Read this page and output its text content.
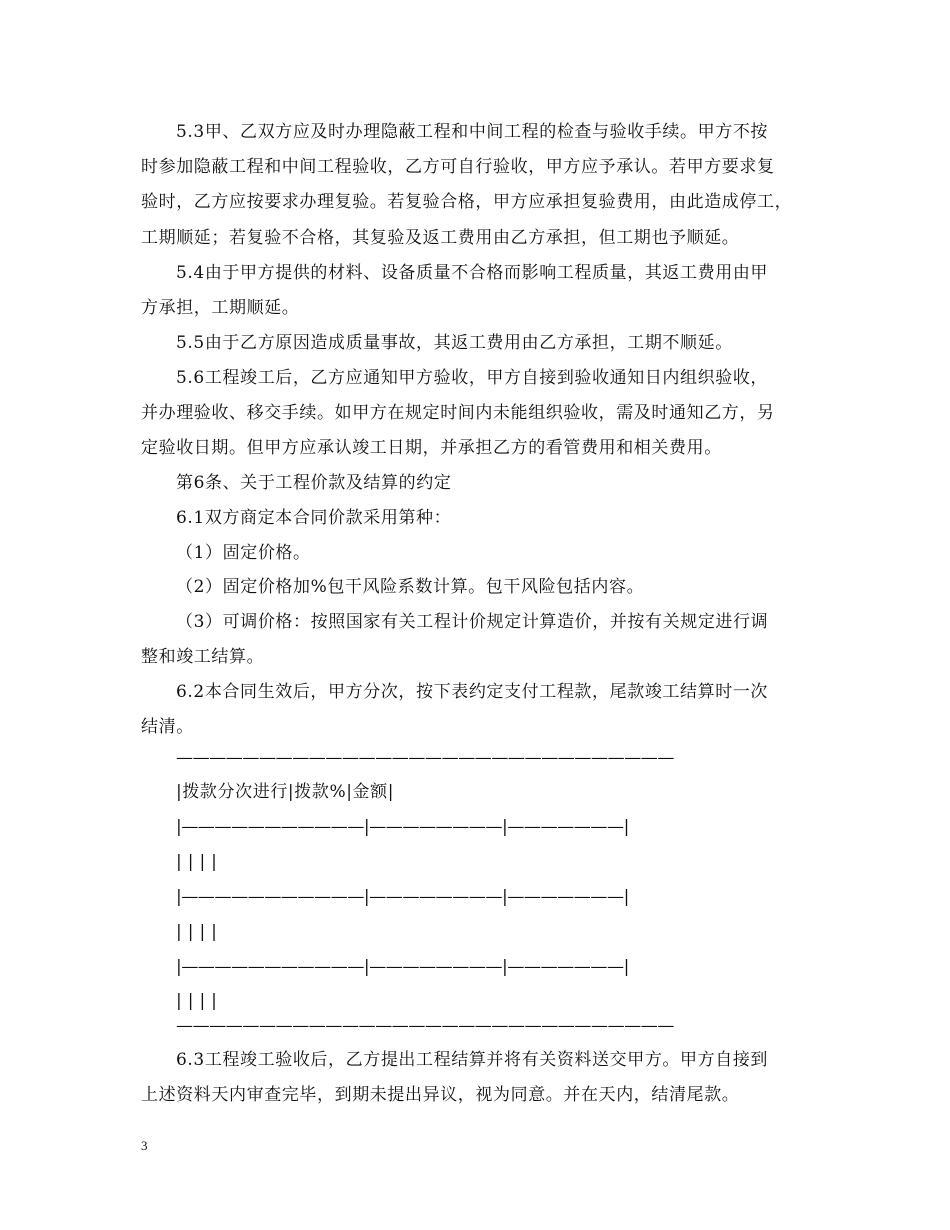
5.3甲、乙双方应及时办理隐蔽工程和中间工程的检查与验收手续。甲方不按
时参加隐蔽工程和中间工程验收，乙方可自行验收，甲方应予承认。若甲方要求复
验时，乙方应按要求办理复验。若复验合格，甲方应承担复验费用，由此造成停工，
工期顺延；若复验不合格，其复验及返工费用由乙方承担，但工期也予顺延。
5.4由于甲方提供的材料、设备质量不合格而影响工程质量，其返工费用由甲
方承担，工期顺延。
5.5由于乙方原因造成质量事故，其返工费用由乙方承担，工期不顺延。
5.6工程竣工后，乙方应通知甲方验收，甲方自接到验收通知日内组织验收，
并办理验收、移交手续。如甲方在规定时间内未能组织验收，需及时通知乙方，另
定验收日期。但甲方应承认竣工日期，并承担乙方的看管费用和相关费用。
第6条、关于工程价款及结算的约定
6.1双方商定本合同价款采用第种：
（1）固定价格。
（2）固定价格加%包干风险系数计算。包干风险包括内容。
（3）可调价格：按照国家有关工程计价规定计算造价，并按有关规定进行调
整和竣工结算。
6.2本合同生效后，甲方分次，按下表约定支付工程款，尾款竣工结算时一次
结清。
——————————————————————————————
|拨款分次进行|拨款%|金额|
|———————————|————————|———————|
||||
|———————————|————————|———————|
||||
|———————————|————————|———————|
||||
——————————————————————————————
6.3工程竣工验收后，乙方提出工程结算并将有关资料送交甲方。甲方自接到
上述资料天内审查完毕，到期未提出异议，视为同意。并在天内，结清尾款。
3
